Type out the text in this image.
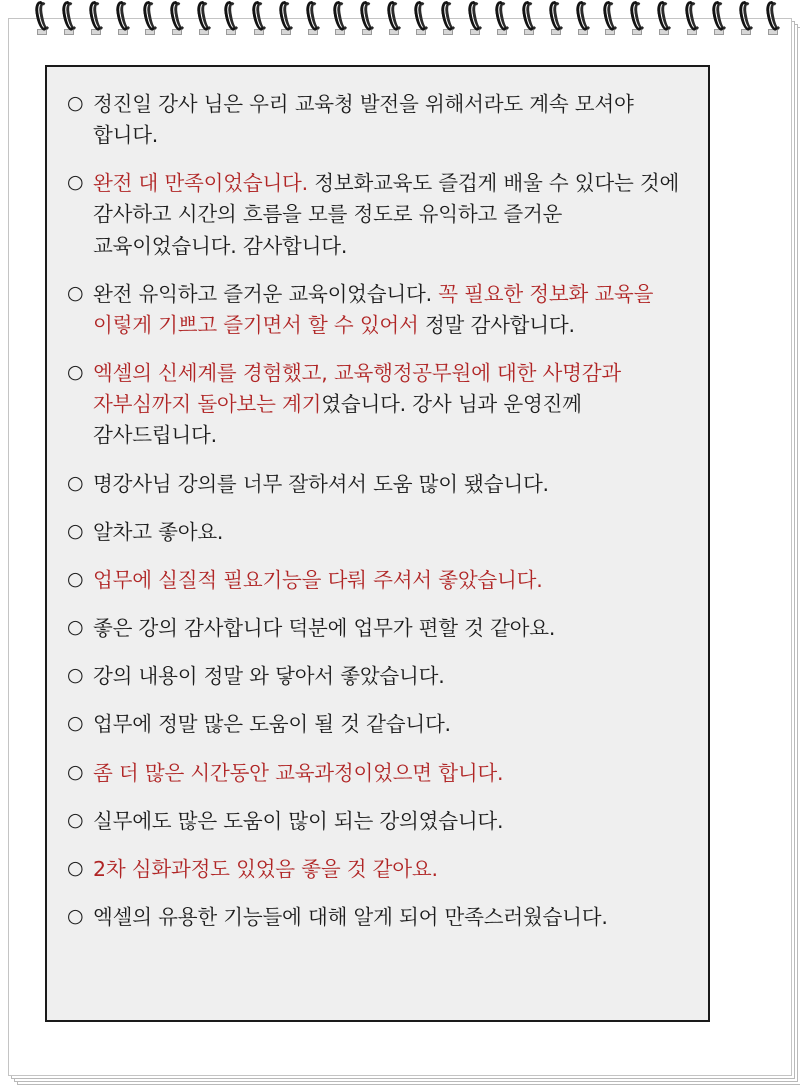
○ 정진일 강사 님은 우리 교육청 발전을 위해서라도 계속 모셔야 합니다.
○ 완전 대 만족이었습니다. 정보화교육도 즐겁게 배울 수 있다는 것에 감사하고 시간의 흐름을 모를 정도로 유익하고 즐거운 교육이었습니다. 감사합니다.
○ 완전 유익하고 즐거운 교육이었습니다. 꼭 필요한 정보화 교육을 이렇게 기쁘고 즐기면서 할 수 있어서 정말 감사합니다.
○ 엑셀의 신세계를 경험했고, 교육행정공무원에 대한 사명감과 자부심까지 돌아보는 계기였습니다. 강사 님과 운영진께 감사드립니다.
○ 명강사님 강의를 너무 잘하셔서 도움 많이 됐습니다.
○ 알차고 좋아요.
○ 업무에 실질적 필요기능을 다뤄 주셔서 좋았습니다.
○ 좋은 강의 감사합니다 덕분에 업무가 편할 것 같아요.
○ 강의 내용이 정말 와 닿아서 좋았습니다.
○ 업무에 정말 많은 도움이 될 것 같습니다.
○ 좀 더 많은 시간동안 교육과정이었으면 합니다.
○ 실무에도 많은 도움이 많이 되는 강의였습니다.
○ 2차 심화과정도 있었음 좋을 것 같아요.
○ 엑셀의 유용한 기능들에 대해 알게 되어 만족스러웠습니다.
